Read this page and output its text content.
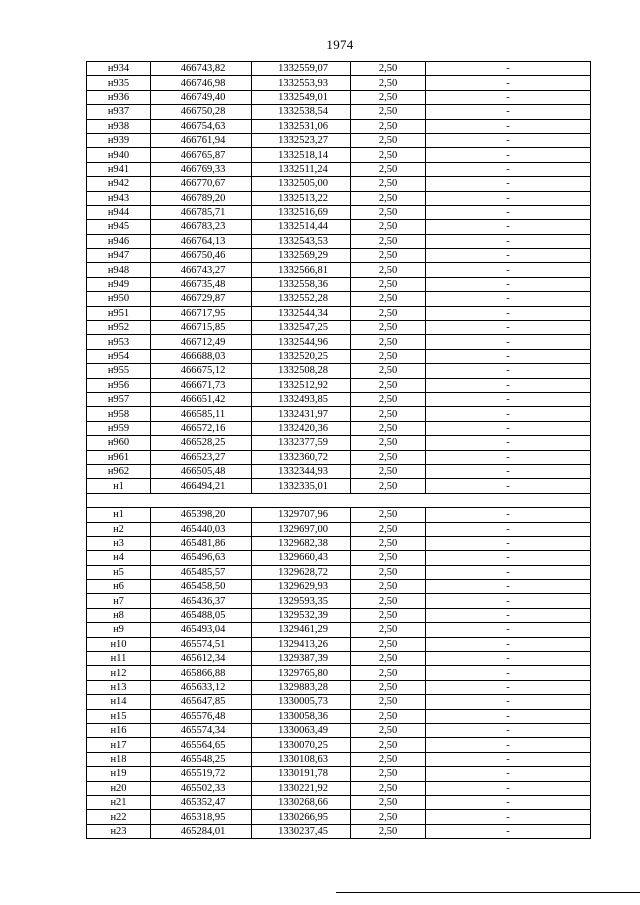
1974
н934	466743,82	1332559,07	2,50	-
н935	466746,98	1332553,93	2,50	-
н936	466749,40	1332549,01	2,50	-
н937	466750,28	1332538,54	2,50	-
н938	466754,63	1332531,06	2,50	-
н939	466761,94	1332523,27	2,50	-
н940	466765,87	1332518,14	2,50	-
н941	466769,33	1332511,24	2,50	-
н942	466770,67	1332505,00	2,50	-
н943	466789,20	1332513,22	2,50	-
н944	466785,71	1332516,69	2,50	-
н945	466783,23	1332514,44	2,50	-
н946	466764,13	1332543,53	2,50	-
н947	466750,46	1332569,29	2,50	-
н948	466743,27	1332566,81	2,50	-
н949	466735,48	1332558,36	2,50	-
н950	466729,87	1332552,28	2,50	-
н951	466717,95	1332544,34	2,50	-
н952	466715,85	1332547,25	2,50	-
н953	466712,49	1332544,96	2,50	-
н954	466688,03	1332520,25	2,50	-
н955	466675,12	1332508,28	2,50	-
н956	466671,73	1332512,92	2,50	-
н957	466651,42	1332493,85	2,50	-
н958	466585,11	1332431,97	2,50	-
н959	466572,16	1332420,36	2,50	-
н960	466528,25	1332377,59	2,50	-
н961	466523,27	1332360,72	2,50	-
н962	466505,48	1332344,93	2,50	-
н1	466494,21	1332335,01	2,50	-

н1	465398,20	1329707,96	2,50	-
н2	465440,03	1329697,00	2,50	-
н3	465481,86	1329682,38	2,50	-
н4	465496,63	1329660,43	2,50	-
н5	465485,57	1329628,72	2,50	-
н6	465458,50	1329629,93	2,50	-
н7	465436,37	1329593,35	2,50	-
н8	465488,05	1329532,39	2,50	-
н9	465493,04	1329461,29	2,50	-
н10	465574,51	1329413,26	2,50	-
н11	465612,34	1329387,39	2,50	-
н12	465866,88	1329765,80	2,50	-
н13	465633,12	1329883,28	2,50	-
н14	465647,85	1330005,73	2,50	-
н15	465576,48	1330058,36	2,50	-
н16	465574,34	1330063,49	2,50	-
н17	465564,65	1330070,25	2,50	-
н18	465548,25	1330108,63	2,50	-
н19	465519,72	1330191,78	2,50	-
н20	465502,33	1330221,92	2,50	-
н21	465352,47	1330268,66	2,50	-
н22	465318,95	1330266,95	2,50	-
н23	465284,01	1330237,45	2,50	-
